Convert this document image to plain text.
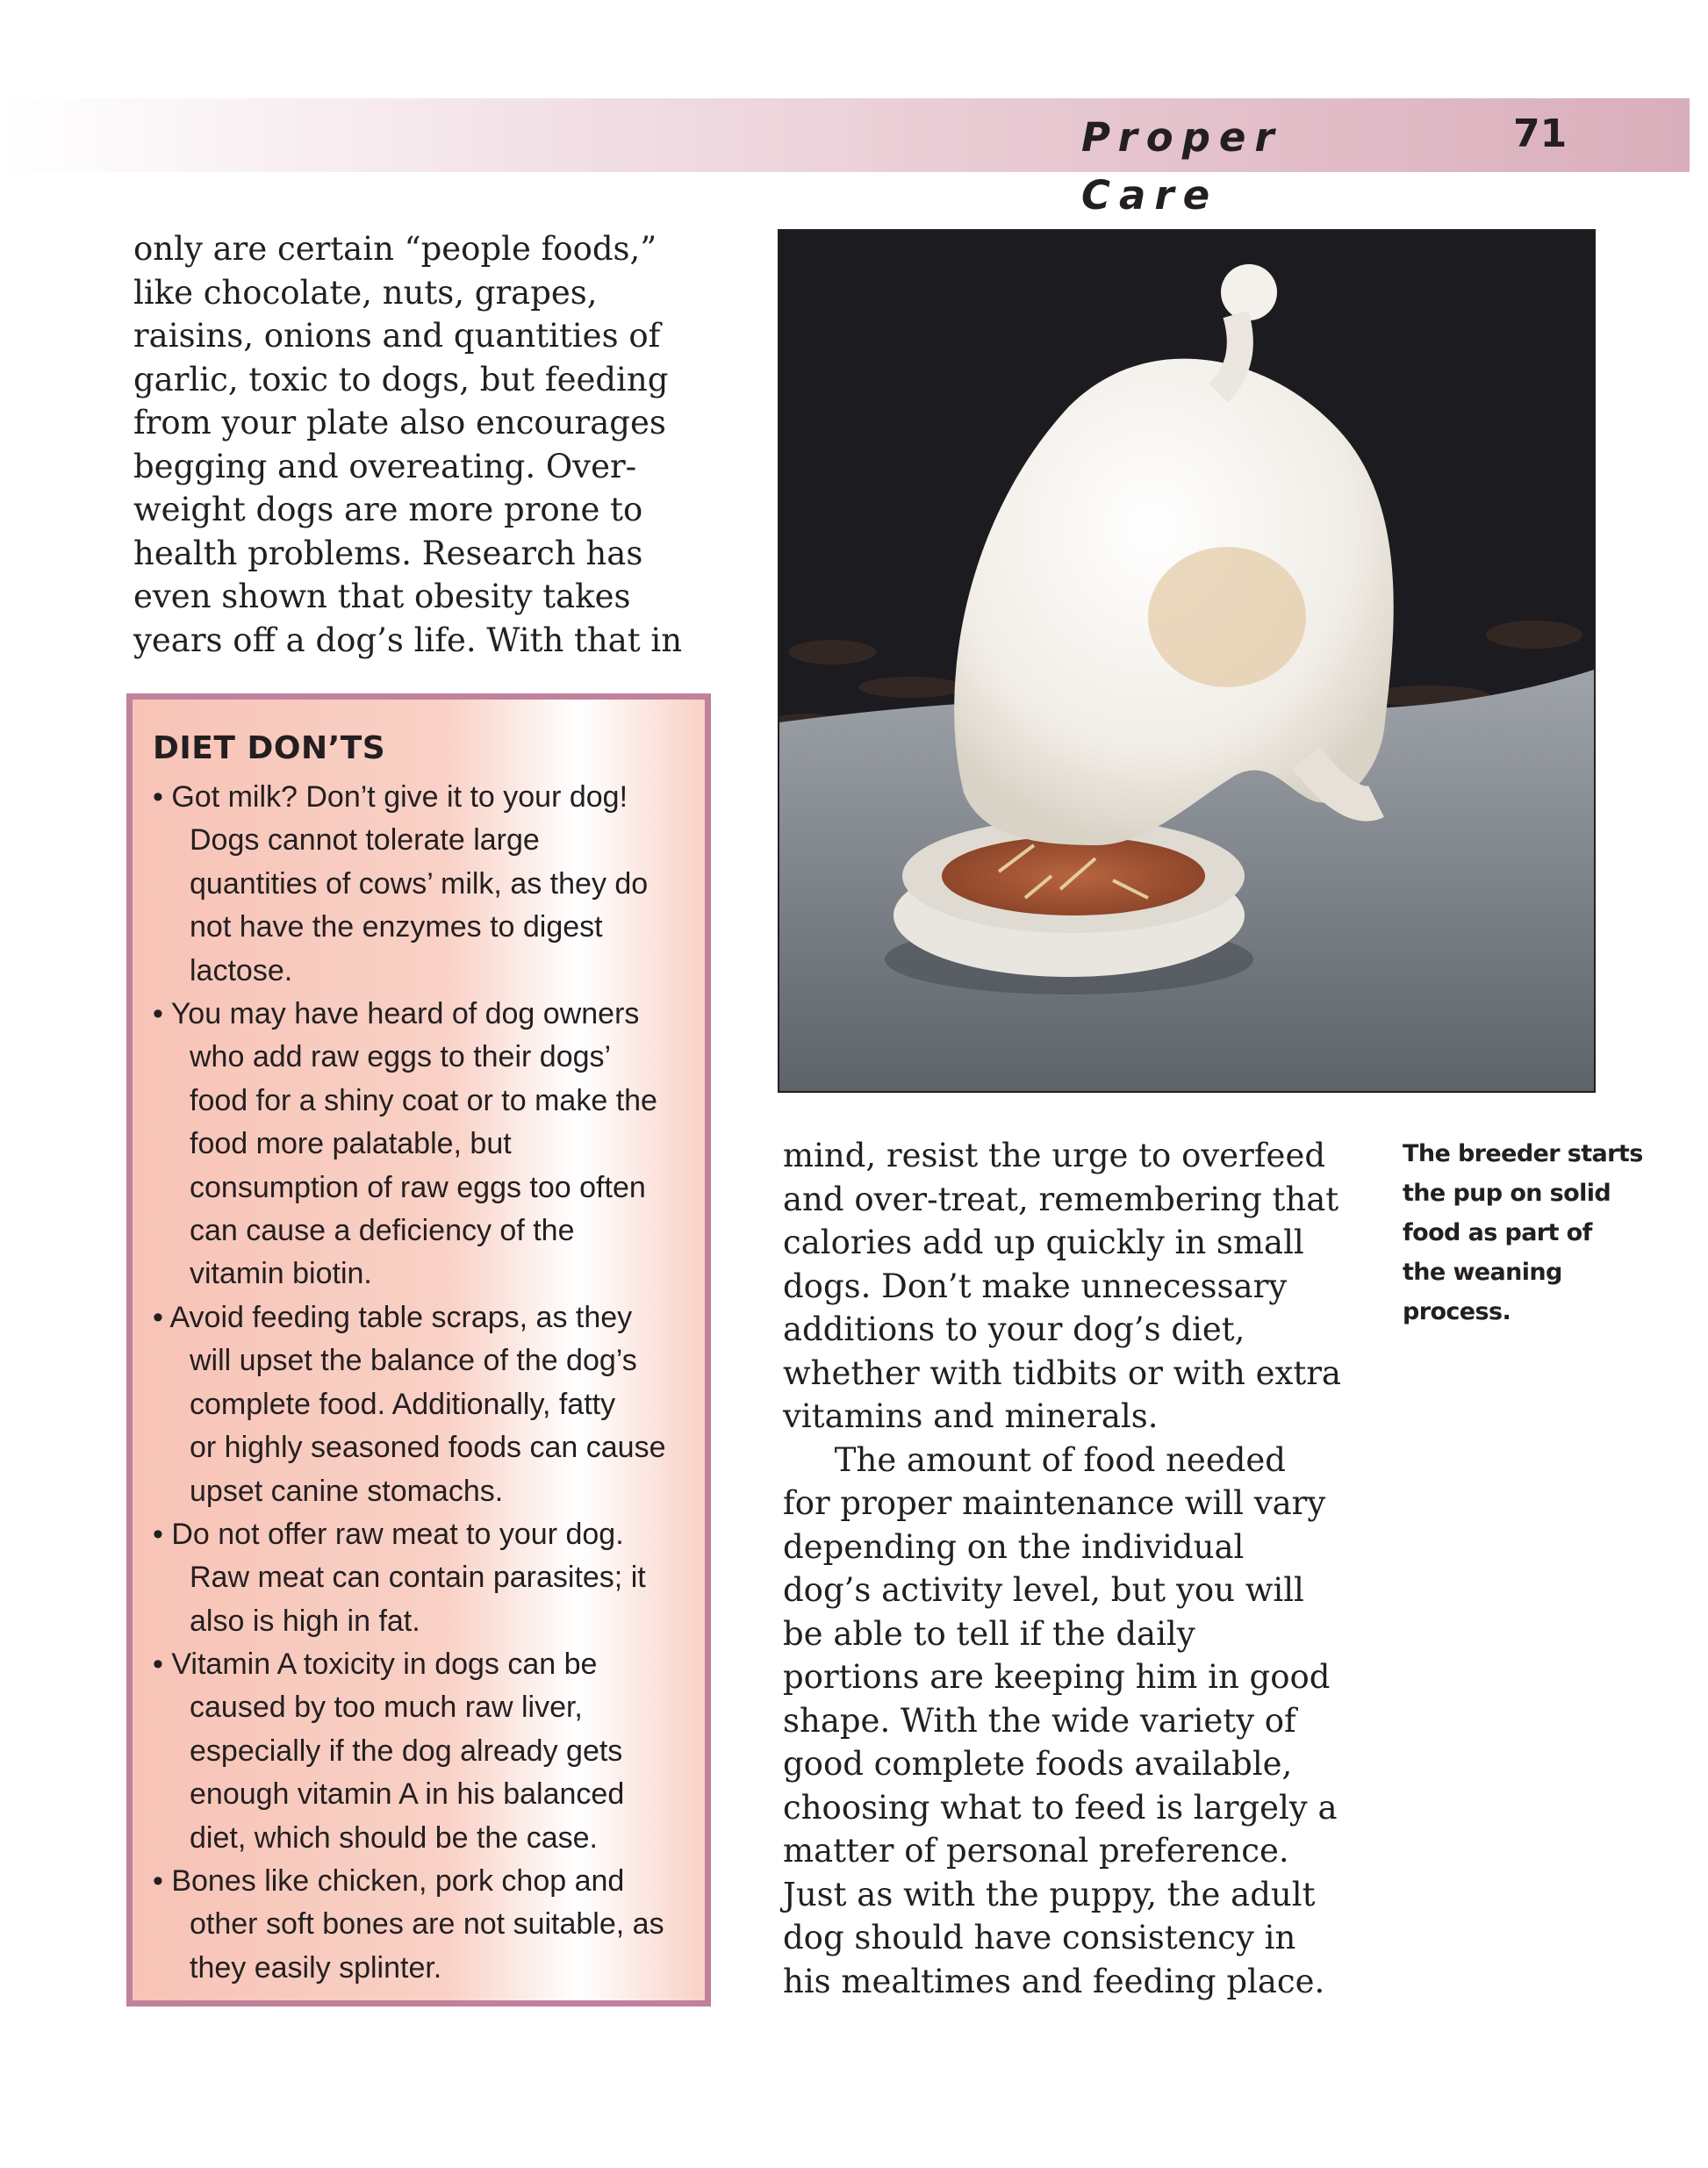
Proper Care
71

only are certain “people foods,”
like chocolate, nuts, grapes,
raisins, onions and quantities of
garlic, toxic to dogs, but feeding
from your plate also encourages
begging and overeating. Over-
weight dogs are more prone to
health problems. Research has
even shown that obesity takes
years off a dog’s life. With that in

DIET DON’TS

• Got milk? Don’t give it to your dog!
Dogs cannot tolerate large
quantities of cows’ milk, as they do
not have the enzymes to digest
lactose.

• You may have heard of dog owners
who add raw eggs to their dogs’
food for a shiny coat or to make the
food more palatable, but
consumption of raw eggs too often
can cause a deficiency of the
vitamin biotin.

• Avoid feeding table scraps, as they
will upset the balance of the dog’s
complete food. Additionally, fatty
or highly seasoned foods can cause
upset canine stomachs.

• Do not offer raw meat to your dog.
Raw meat can contain parasites; it
also is high in fat.

• Vitamin A toxicity in dogs can be
caused by too much raw liver,
especially if the dog already gets
enough vitamin A in his balanced
diet, which should be the case.

• Bones like chicken, pork chop and
other soft bones are not suitable, as
they easily splinter.

mind, resist the urge to overfeed
and over-treat, remembering that
calories add up quickly in small
dogs. Don’t make unnecessary
additions to your dog’s diet,
whether with tidbits or with extra
vitamins and minerals.
The amount of food needed
for proper maintenance will vary
depending on the individual
dog’s activity level, but you will
be able to tell if the daily
portions are keeping him in good
shape. With the wide variety of
good complete foods available,
choosing what to feed is largely a
matter of personal preference.
Just as with the puppy, the adult
dog should have consistency in
his mealtimes and feeding place.

The breeder starts
the pup on solid
food as part of
the weaning
process.
